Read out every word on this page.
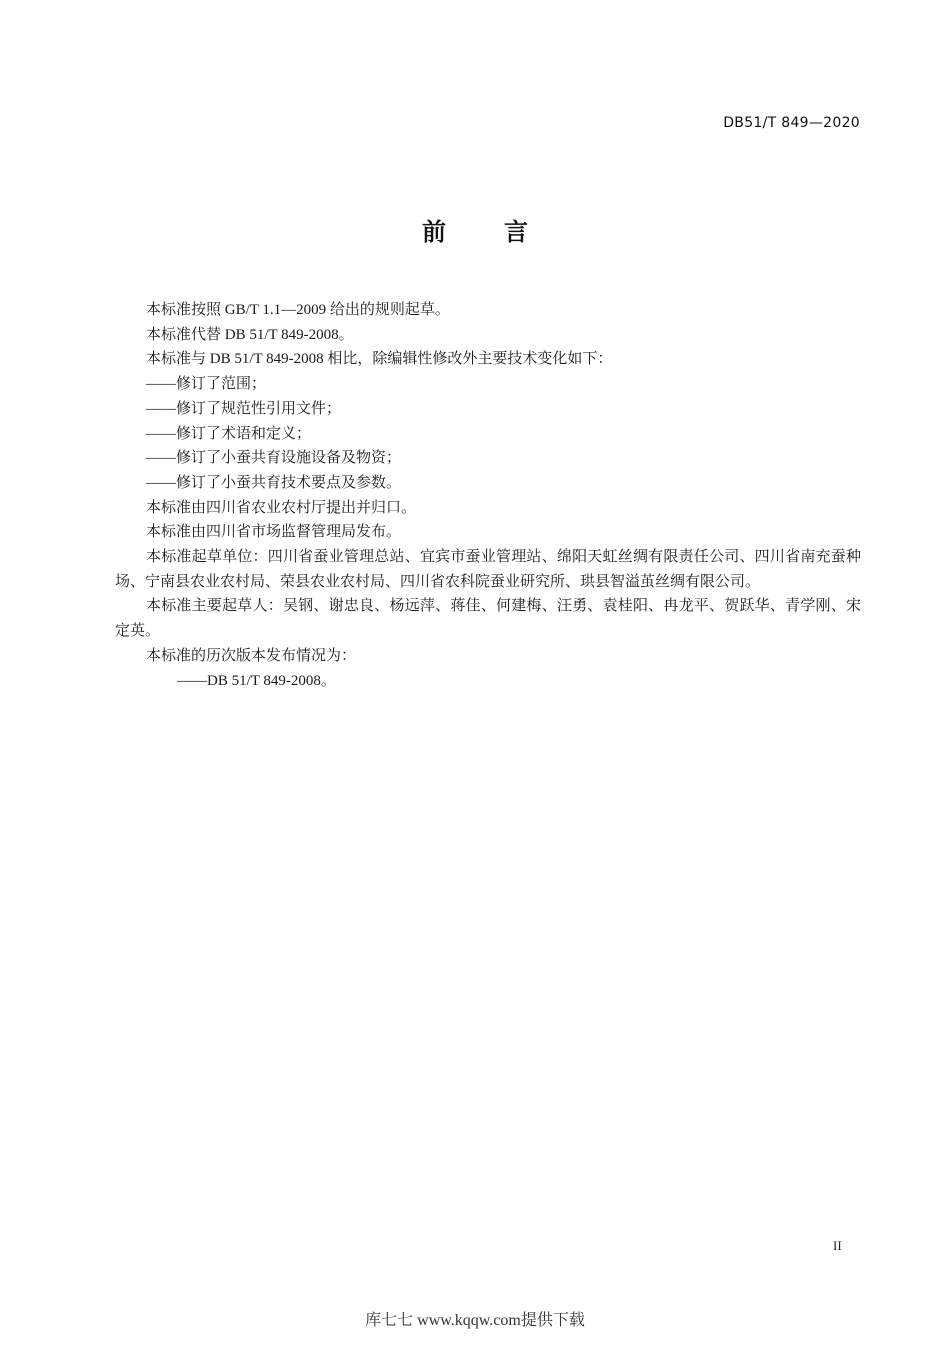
DB51/T 849—2020
前 言

本标准按照 GB/T 1.1—2009 给出的规则起草。

本标准代替 DB 51/T 849-2008。

本标准与 DB 51/T 849-2008 相比，除编辑性修改外主要技术变化如下：

——修订了范围；

——修订了规范性引用文件；

——修订了术语和定义；

——修订了小蚕共育设施设备及物资；

——修订了小蚕共育技术要点及参数。

本标准由四川省农业农村厅提出并归口。

本标准由四川省市场监督管理局发布。

本标准起草单位：四川省蚕业管理总站、宜宾市蚕业管理站、绵阳天虹丝绸有限责任公司、四川省南充蚕种场、宁南县农业农村局、荣县农业农村局、四川省农科院蚕业研究所、珙县智溢茧丝绸有限公司。

本标准主要起草人：吴钢、谢忠良、杨远萍、蒋佳、何建梅、汪勇、袁桂阳、冉龙平、贺跃华、青学刚、宋定英。

本标准的历次版本发布情况为：

——DB 51/T 849-2008。

II
库七七 www.kqqw.com提供下载
